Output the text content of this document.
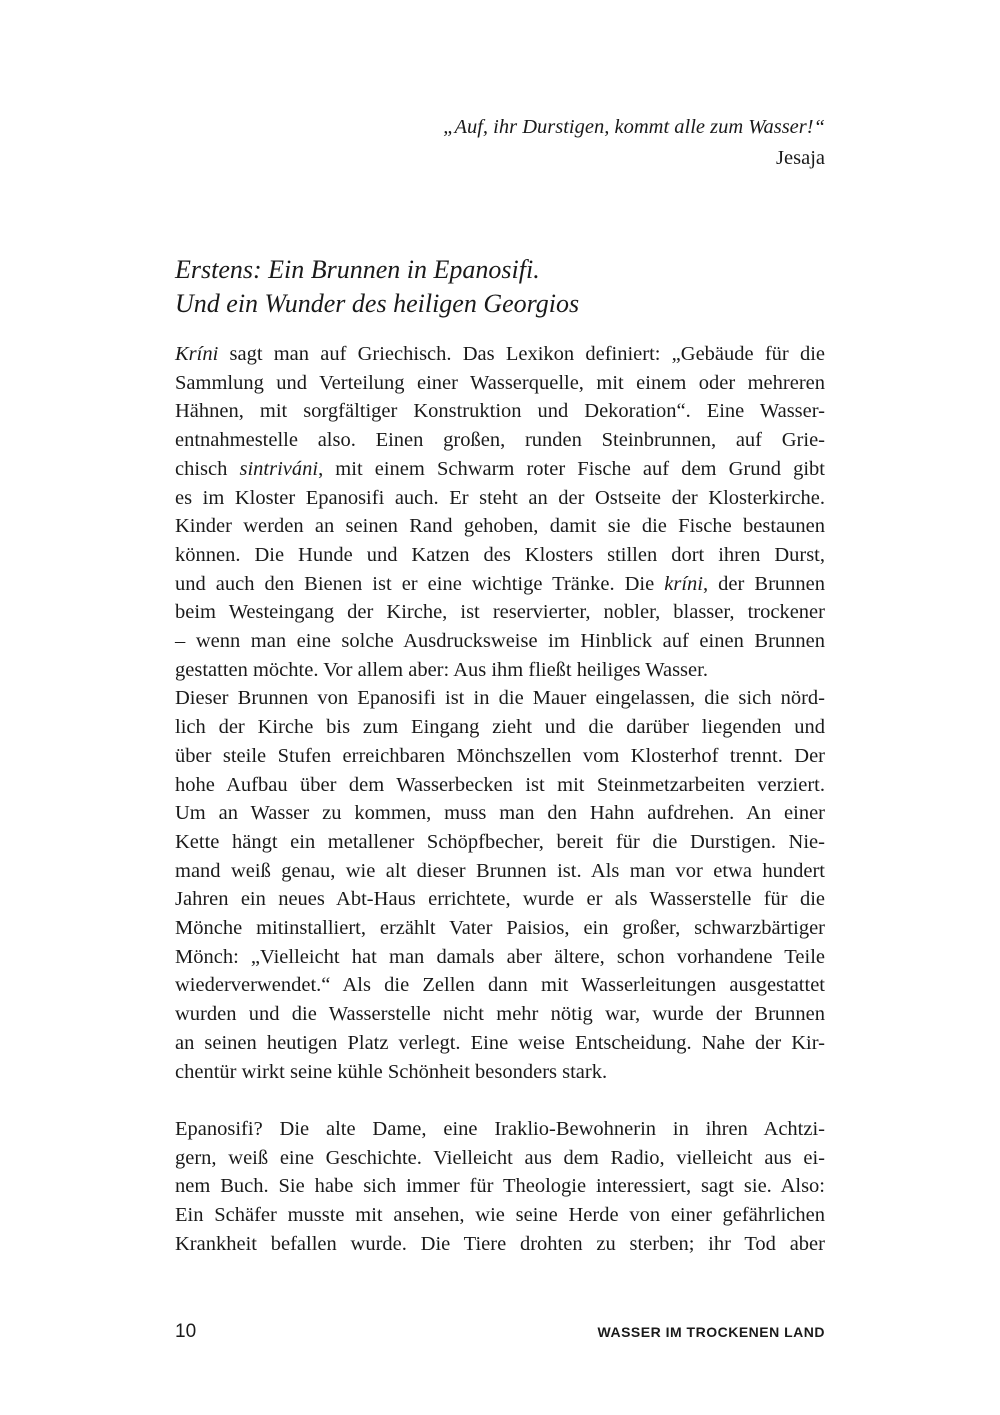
„Auf, ihr Durstigen, kommt alle zum Wasser!“
Jesaja
Erstens: Ein Brunnen in Epanosifi.
Und ein Wunder des heiligen Georgios
Kríni sagt man auf Griechisch. Das Lexikon definiert: „Gebäude für die
Sammlung und Verteilung einer Wasserquelle, mit einem oder mehreren
Hähnen, mit sorgfältiger Konstruktion und Dekoration“. Eine Wasser-
entnahmestelle also. Einen großen, runden Steinbrunnen, auf Grie-
chisch sintriváni, mit einem Schwarm roter Fische auf dem Grund gibt
es im Kloster Epanosifi auch. Er steht an der Ostseite der Klosterkirche.
Kinder werden an seinen Rand gehoben, damit sie die Fische bestaunen
können. Die Hunde und Katzen des Klosters stillen dort ihren Durst,
und auch den Bienen ist er eine wichtige Tränke. Die kríni, der Brunnen
beim Westeingang der Kirche, ist reservierter, nobler, blasser, trockener
– wenn man eine solche Ausdrucksweise im Hinblick auf einen Brunnen
gestatten möchte. Vor allem aber: Aus ihm fließt heiliges Wasser.
Dieser Brunnen von Epanosifi ist in die Mauer eingelassen, die sich nörd-
lich der Kirche bis zum Eingang zieht und die darüber liegenden und
über steile Stufen erreichbaren Mönchszellen vom Klosterhof trennt. Der
hohe Aufbau über dem Wasserbecken ist mit Steinmetzarbeiten verziert.
Um an Wasser zu kommen, muss man den Hahn aufdrehen. An einer
Kette hängt ein metallener Schöpfbecher, bereit für die Durstigen. Nie-
mand weiß genau, wie alt dieser Brunnen ist. Als man vor etwa hundert
Jahren ein neues Abt-Haus errichtete, wurde er als Wasserstelle für die
Mönche mitinstalliert, erzählt Vater Paisios, ein großer, schwarzbärtiger
Mönch: „Vielleicht hat man damals aber ältere, schon vorhandene Teile
wiederverwendet.“ Als die Zellen dann mit Wasserleitungen ausgestattet
wurden und die Wasserstelle nicht mehr nötig war, wurde der Brunnen
an seinen heutigen Platz verlegt. Eine weise Entscheidung. Nahe der Kir-
chentür wirkt seine kühle Schönheit besonders stark.
Epanosifi? Die alte Dame, eine Iraklio-Bewohnerin in ihren Achtzi-
gern, weiß eine Geschichte. Vielleicht aus dem Radio, vielleicht aus ei-
nem Buch. Sie habe sich immer für Theologie interessiert, sagt sie. Also:
Ein Schäfer musste mit ansehen, wie seine Herde von einer gefährlichen
Krankheit befallen wurde. Die Tiere drohten zu sterben; ihr Tod aber
10	WASSER IM TROCKENEN LAND
